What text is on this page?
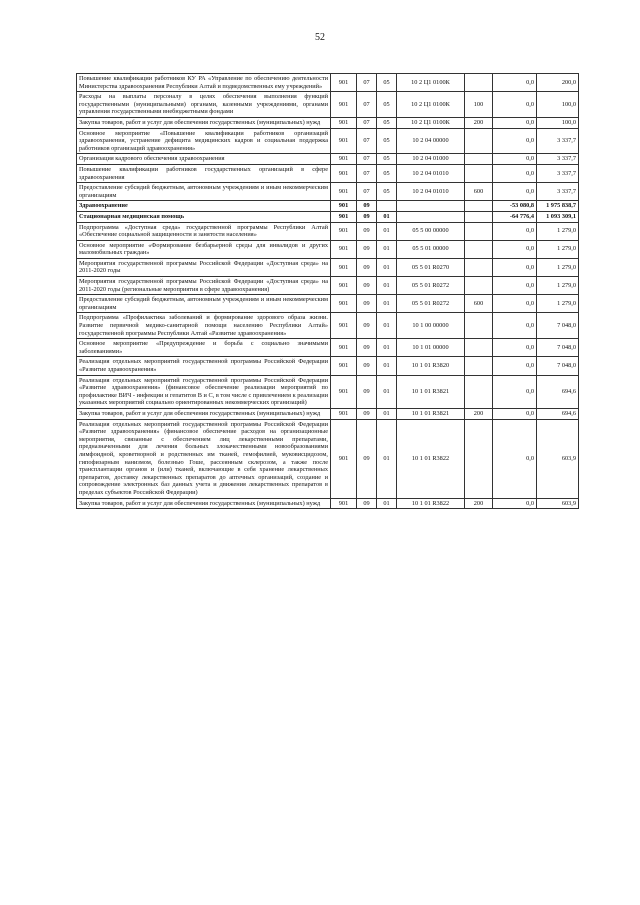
52
Повышение квалификации работников КУ РА «Управление по обеспечению деятельности Министерства здравоохранения Республики Алтай и подведомственных ему учреждений»	901	07	05	10 2 Ц1 0100К		0,0	200,0
Расходы на выплаты персоналу в целях обеспечения выполнения функций государственными (муниципальными) органами, казенными учреждениями, органами управления государственными внебюджетными фондами	901	07	05	10 2 Ц1 0100К	100	0,0	100,0
Закупка товаров, работ и услуг для обеспечения государственных (муниципальных) нужд	901	07	05	10 2 Ц1 0100К	200	0,0	100,0
Основное мероприятие «Повышение квалификации работников организаций здравоохранения, устранение дефицита медицинских кадров и социальная поддержка работников организаций здравоохранения»	901	07	05	10 2 04 00000		0,0	3 337,7
Организация кадрового обеспечения здравоохранения	901	07	05	10 2 04 01000		0,0	3 337,7
Повышение квалификации работников государственных организаций в сфере здравоохранения	901	07	05	10 2 04 01010		0,0	3 337,7
Предоставление субсидий бюджетным, автономным учреждениям и иным некоммерческим организациям	901	07	05	10 2 04 01010	600	0,0	3 337,7
Здравоохранение	901	09				-53 080,8	1 975 838,7
Стационарная медицинская помощь	901	09	01			-64 776,4	1 093 309,1
Подпрограмма «Доступная среда» государственной программы Республики Алтай «Обеспечение социальной защищенности и занятости населения»	901	09	01	05 5 00 00000		0,0	1 279,0
Основное мероприятие «Формирование безбарьерной среды для инвалидов и других маломобильных граждан»	901	09	01	05 5 01 00000		0,0	1 279,0
Мероприятия государственной программы Российской Федерации «Доступная среда» на 2011-2020 годы	901	09	01	05 5 01 R0270		0,0	1 279,0
Мероприятия государственной программы Российской Федерации «Доступная среда» на 2011-2020 годы (региональные мероприятия в сфере здравоохранения)	901	09	01	05 5 01 R0272		0,0	1 279,0
Предоставление субсидий бюджетным, автономным учреждениям и иным некоммерческим организациям	901	09	01	05 5 01 R0272	600	0,0	1 279,0
Подпрограмма «Профилактика заболеваний и формирование здорового образа жизни. Развитие первичной медико-санитарной помощи населению Республики Алтай» государственной программы Республики Алтай «Развитие здравоохранения»	901	09	01	10 1 00 00000		0,0	7 048,0
Основное мероприятие «Предупреждение и борьба с социально значимыми заболеваниями»	901	09	01	10 1 01 00000		0,0	7 048,0
Реализация отдельных мероприятий государственной программы Российской Федерации «Развитие здравоохранения»	901	09	01	10 1 01 R3820		0,0	7 048,0
Реализация отдельных мероприятий государственной программы Российской Федерации «Развитие здравоохранения» (финансовое обеспечение реализации мероприятий по профилактике ВИЧ - инфекции и гепатитов В и С, в том числе с привлечением к реализации указанных мероприятий социально ориентированных некоммерческих организаций)	901	09	01	10 1 01 R3821		0,0	694,6
Закупка товаров, работ и услуг для обеспечения государственных (муниципальных) нужд	901	09	01	10 1 01 R3821	200	0,0	694,6
Реализация отдельных мероприятий государственной программы Российской Федерации «Развитие здравоохранения» (финансовое обеспечение расходов на организационные мероприятия, связанные с обеспечением лиц лекарственными препаратами, предназначенными для лечения больных злокачественными новообразованиями лимфоидной, кроветворной и родственных им тканей, гемофилией, муковисцидозом, гипофизарным нанизмом, болезнью Гоше, рассеянным склерозом, а также после трансплантации органов и (или) тканей, включающие в себя хранение лекарственных препаратов, доставку лекарственных препаратов до аптечных организаций, создание и сопровождение электронных баз данных учета и движения лекарственных препаратов в пределах субъектов Российской Федерации)	901	09	01	10 1 01 R3822		0,0	603,9
Закупка товаров, работ и услуг для обеспечения государственных (муниципальных) нужд	901	09	01	10 1 01 R3822	200	0,0	603,9
